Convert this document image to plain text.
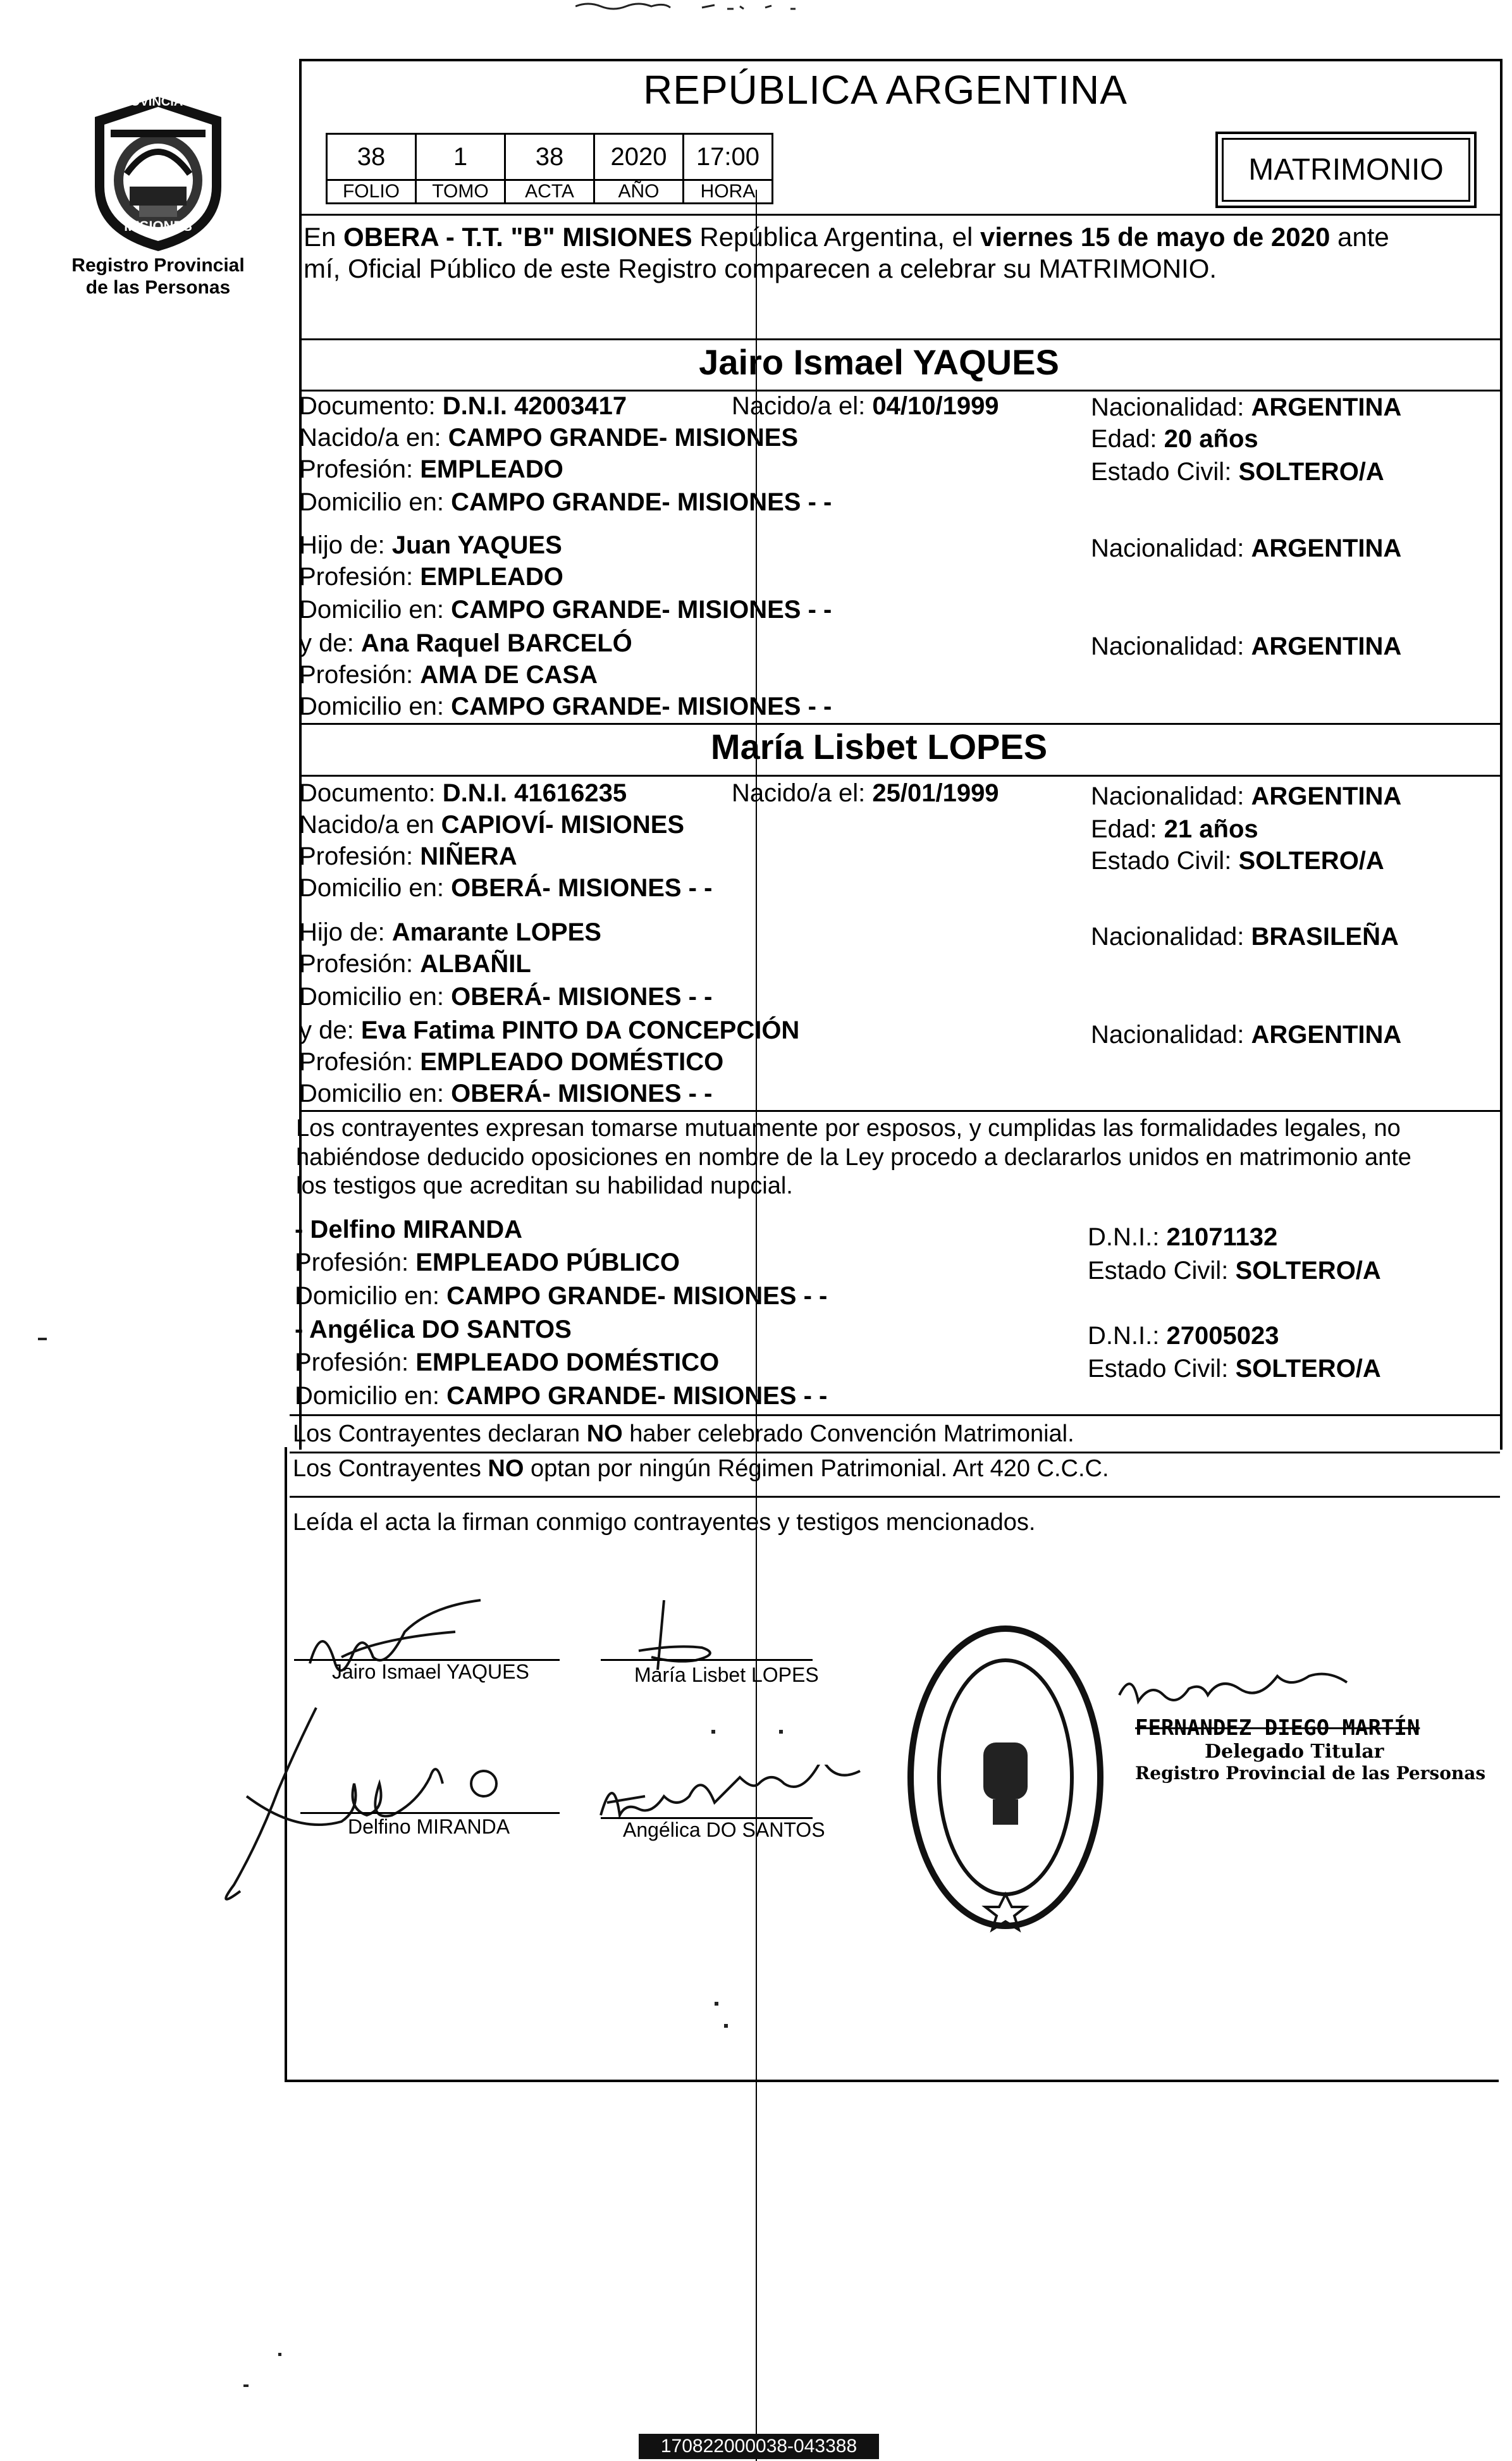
PROVINCIA DE
MISIONES
Registro Provincial
de las Personas
REPÚBLICA ARGENTINA
38	1	38	2020	17:00
FOLIO	TOMO	ACTA	AÑO	HORA
MATRIMONIO
En OBERA - T.T. "B" MISIONES República Argentina, el viernes 15 de mayo de 2020 ante
mí, Oficial Público de este Registro comparecen a celebrar su MATRIMONIO.
Jairo Ismael YAQUES
Documento: D.N.I. 42003417	Nacido/a el: 04/10/1999	Nacionalidad: ARGENTINA
Nacido/a en: CAMPO GRANDE- MISIONES	Edad: 20 años
Profesión: EMPLEADO	Estado Civil: SOLTERO/A
Domicilio en: CAMPO GRANDE- MISIONES - -
Hijo de: Juan YAQUES	Nacionalidad: ARGENTINA
Profesión: EMPLEADO
Domicilio en: CAMPO GRANDE- MISIONES - -
y de: Ana Raquel BARCELÓ	Nacionalidad: ARGENTINA
Profesión: AMA DE CASA
Domicilio en: CAMPO GRANDE- MISIONES - -
María Lisbet LOPES
Documento: D.N.I. 41616235	Nacido/a el: 25/01/1999	Nacionalidad: ARGENTINA
Nacido/a en CAPIOVÍ- MISIONES	Edad: 21 años
Profesión: NIÑERA	Estado Civil: SOLTERO/A
Domicilio en: OBERÁ- MISIONES - -
Hijo de: Amarante LOPES	Nacionalidad: BRASILEÑA
Profesión: ALBAÑIL
Domicilio en: OBERÁ- MISIONES - -
y de: Eva Fatima PINTO DA CONCEPCIÓN	Nacionalidad: ARGENTINA
Profesión: EMPLEADO DOMÉSTICO
Domicilio en: OBERÁ- MISIONES - -
Los contrayentes expresan tomarse mutuamente por esposos, y cumplidas las formalidades legales, no
habiéndose deducido oposiciones en nombre de la Ley procedo a declararlos unidos en matrimonio ante
los testigos que acreditan su habilidad nupcial.
- Delfino MIRANDA	D.N.I.: 21071132
Profesión: EMPLEADO PÚBLICO	Estado Civil: SOLTERO/A
Domicilio en: CAMPO GRANDE- MISIONES - -
- Angélica DO SANTOS	D.N.I.: 27005023
Profesión: EMPLEADO DOMÉSTICO	Estado Civil: SOLTERO/A
Domicilio en: CAMPO GRANDE- MISIONES - -
Los Contrayentes declaran NO haber celebrado Convención Matrimonial.
Los Contrayentes NO optan por ningún Régimen Patrimonial. Art 420 C.C.C.
Leída el acta la firman conmigo contrayentes y testigos mencionados.
Jairo Ismael YAQUES	María Lisbet LOPES
Delfino MIRANDA	Angélica DO SANTOS
DELEGACIÓN DEL REGISTRO PROVINCIAL DE LAS PERSONAS OBERÁ SECC. 2da.
FERNANDEZ DIEGO MARTÍN
Delegado Titular
Registro Provincial de las Personas
170822000038-043388
